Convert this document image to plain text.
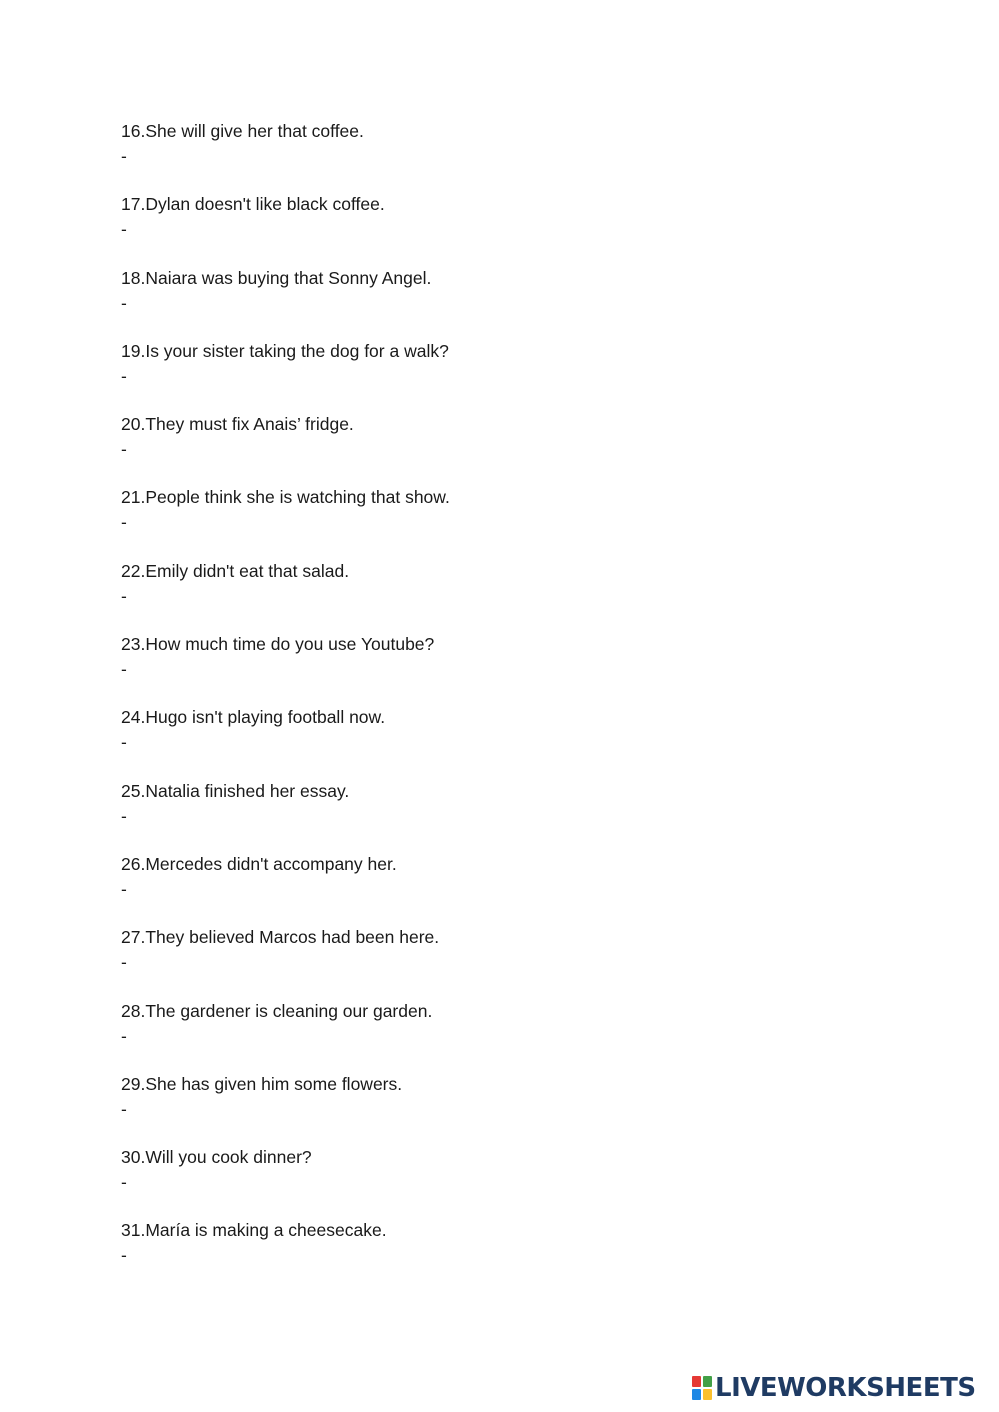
16.She will give her that coffee.
-
17.Dylan doesn't like black coffee.
-
18.Naiara was buying that Sonny Angel.
-
19.Is your sister taking the dog for a walk?
-
20.They must fix Anais’ fridge.
-
21.People think she is watching that show.
-
22.Emily didn't eat that salad.
-
23.How much time do you use Youtube?
-
24.Hugo isn't playing football now.
-
25.Natalia finished her essay.
-
26.Mercedes didn't accompany her.
-
27.They believed Marcos had been here.
-
28.The gardener is cleaning our garden.
-
29.She has given him some flowers.
-
30.Will you cook dinner?
-
31.María is making a cheesecake.
-
LIVEWORKSHEETS
